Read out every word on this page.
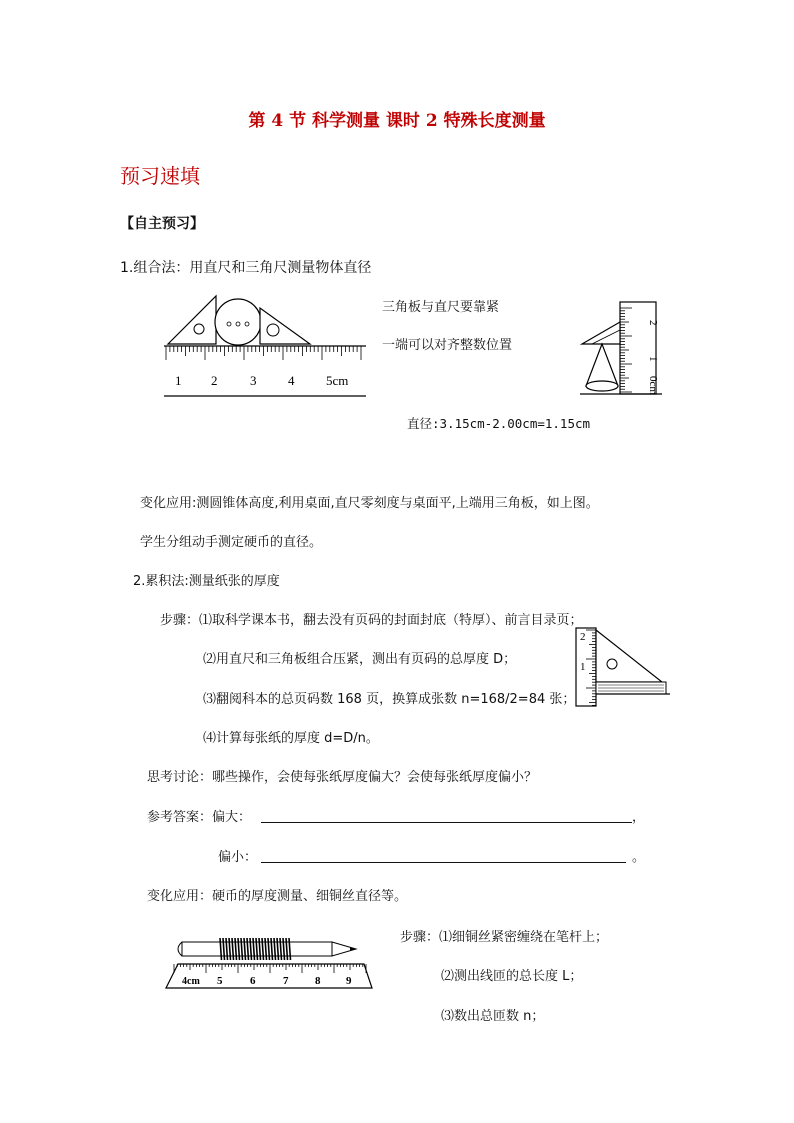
第 4 节 科学测量 课时 2 特殊长度测量
预习速填
【自主预习】
1.组合法：用直尺和三角尺测量物体直径
1 2	3 4 5cm
三角板与直尺要靠紧
一端可以对齐整数位置
2
1
0cm
直径:3.15cm-2.00cm=1.15cm
变化应用:测圆锥体高度,利用桌面,直尺零刻度与桌面平,上端用三角板，如上图。
学生分组动手测定硬币的直径。
2.累积法:测量纸张的厚度
步骤：⑴取科学课本书，翻去没有页码的封面封底（特厚）、前言目录页；
⑵用直尺和三角板组合压紧，测出有页码的总厚度 D；
⑶翻阅科本的总页码数 168 页，换算成张数 n=168/2=84 张；
⑷计算每张纸的厚度 d=D/n。
2
1
思考讨论：哪些操作，会使每张纸厚度偏大？会使每张纸厚度偏小？
参考答案：偏大：	，
偏小：	。
变化应用：硬币的厚度测量、细铜丝直径等。
4cm 5	6	7 8 9
步骤：⑴细铜丝紧密缠绕在笔杆上；
⑵测出线匝的总长度 L；
⑶数出总匝数 n；
